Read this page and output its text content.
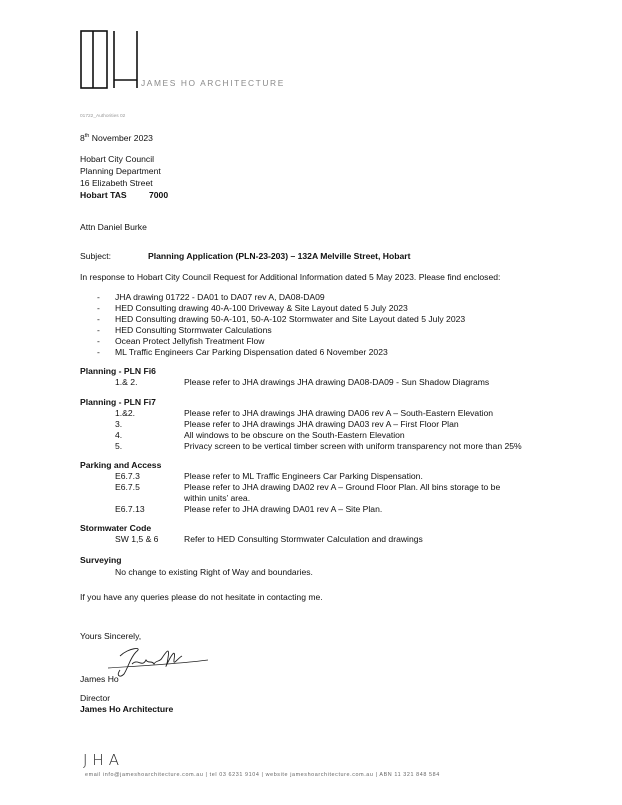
JAMES HO ARCHITECTURE
01722_Authorities 02
8th November 2023
Hobart City Council
Planning Department
16 Elizabeth Street
Hobart TAS	7000
Attn Daniel Burke
Subject:	Planning Application (PLN-23-203) – 132A Melville Street, Hobart
In response to Hobart City Council Request for Additional Information dated 5 May 2023. Please find enclosed:
- JHA drawing 01722 - DA01 to DA07 rev A, DA08-DA09
- HED Consulting drawing 40-A-100 Driveway & Site Layout dated 5 July 2023
- HED Consulting drawing 50-A-101, 50-A-102 Stormwater and Site Layout dated 5 July 2023
- HED Consulting Stormwater Calculations
- Ocean Protect Jellyfish Treatment Flow
- ML Traffic Engineers Car Parking Dispensation dated 6 November 2023
Planning - PLN Fi6
1.& 2.	Please refer to JHA drawings JHA drawing DA08-DA09 - Sun Shadow Diagrams
Planning - PLN Fi7
1.&2.	Please refer to JHA drawings JHA drawing DA06 rev A – South-Eastern Elevation
3.	Please refer to JHA drawings JHA drawing DA03 rev A – First Floor Plan
4.	All windows to be obscure on the South-Eastern Elevation
5.	Privacy screen to be vertical timber screen with uniform transparency not more than 25%
Parking and Access
E6.7.3	Please refer to ML Traffic Engineers Car Parking Dispensation.
E6.7.5	Please refer to JHA drawing DA02 rev A – Ground Floor Plan. All bins storage to be
within units’ area.
E6.7.13	Please refer to JHA drawing DA01 rev A – Site Plan.
Stormwater Code
SW 1,5 & 6	Refer to HED Consulting Stormwater Calculation and drawings
Surveying
No change to existing Right of Way and boundaries.
If you have any queries please do not hesitate in contacting me.
Yours Sincerely,
James Ho
Director
James Ho Architecture
JHA
email info@jameshoarchitecture.com.au | tel 03 6231 9104 | website jameshoarchitecture.com.au | ABN 11 321 848 584
